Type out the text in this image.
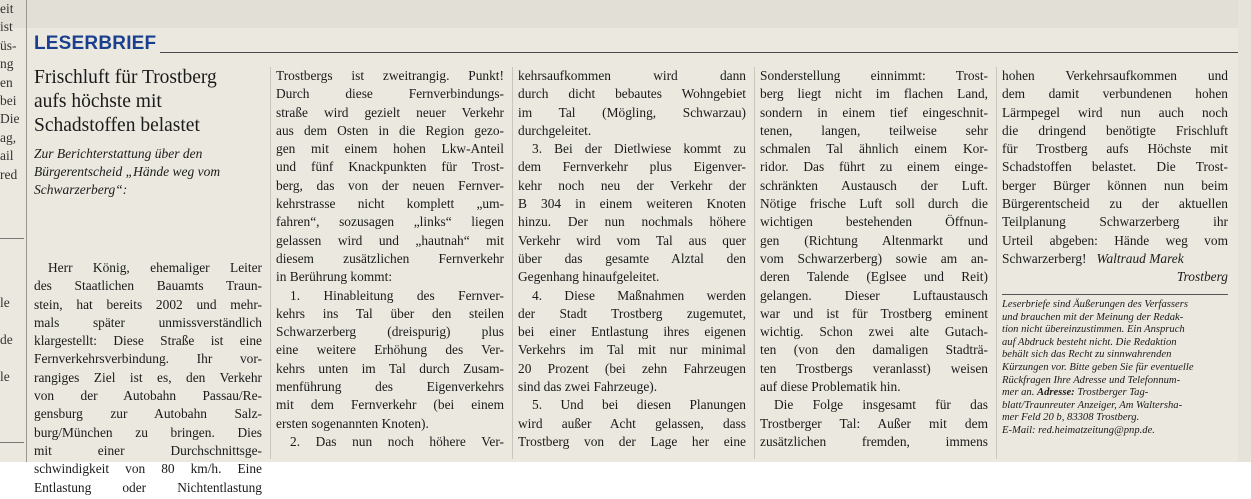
eit
ist
üs-
ng
en
bei
Die
ag,
ail
red
le
de
le
LESERBRIEF
Frischluft für Trostberg
aufs höchste mit
Schadstoffen belastet
Zur Berichterstattung über den
Bürgerentscheid „Hände weg vom
Schwarzerberg“:
Herr König, ehemaliger Leiter
des Staatlichen Bauamts Traun-
stein, hat bereits 2002 und mehr-
mals später unmissverständlich
klargestellt: Diese Straße ist eine
Fernverkehrsverbindung. Ihr vor-
rangiges Ziel ist es, den Verkehr
von der Autobahn Passau/Re-
gensburg zur Autobahn Salz-
burg/München zu bringen. Dies
mit einer Durchschnittsge-
schwindigkeit von 80 km/h. Eine
Entlastung oder Nichtentlastung
Trostbergs ist zweitrangig. Punkt!
Durch diese Fernverbindungs-
straße wird gezielt neuer Verkehr
aus dem Osten in die Region gezo-
gen mit einem hohen Lkw-Anteil
und fünf Knackpunkten für Trost-
berg, das von der neuen Fernver-
kehrstrasse nicht komplett „um-
fahren“, sozusagen „links“ liegen
gelassen wird und „hautnah“ mit
diesem zusätzlichen Fernverkehr
in Berührung kommt:
1. Hinableitung des Fernver-
kehrs ins Tal über den steilen
Schwarzerberg (dreispurig) plus
eine weitere Erhöhung des Ver-
kehrs unten im Tal durch Zusam-
menführung des Eigenverkehrs
mit dem Fernverkehr (bei einem
ersten sogenannten Knoten).
2. Das nun noch höhere Ver-
kehrsaufkommen wird dann
durch dicht bebautes Wohngebiet
im Tal (Mögling, Schwarzau)
durchgeleitet.
3. Bei der Dietlwiese kommt zu
dem Fernverkehr plus Eigenver-
kehr noch neu der Verkehr der
B 304 in einem weiteren Knoten
hinzu. Der nun nochmals höhere
Verkehr wird vom Tal aus quer
über das gesamte Alztal den
Gegenhang hinaufgeleitet.
4. Diese Maßnahmen werden
der Stadt Trostberg zugemutet,
bei einer Entlastung ihres eigenen
Verkehrs im Tal mit nur minimal
20 Prozent (bei zehn Fahrzeugen
sind das zwei Fahrzeuge).
5. Und bei diesen Planungen
wird außer Acht gelassen, dass
Trostberg von der Lage her eine
Sonderstellung einnimmt: Trost-
berg liegt nicht im flachen Land,
sondern in einem tief eingeschnit-
tenen, langen, teilweise sehr
schmalen Tal ähnlich einem Kor-
ridor. Das führt zu einem einge-
schränkten Austausch der Luft.
Nötige frische Luft soll durch die
wichtigen bestehenden Öffnun-
gen (Richtung Altenmarkt und
vom Schwarzerberg) sowie am an-
deren Talende (Eglsee und Reit)
gelangen. Dieser Luftaustausch
war und ist für Trostberg eminent
wichtig. Schon zwei alte Gutach-
ten (von den damaligen Stadträ-
ten Trostbergs veranlasst) weisen
auf diese Problematik hin.
Die Folge insgesamt für das
Trostberger Tal: Außer mit dem
zusätzlichen fremden, immens
hohen Verkehrsaufkommen und
dem damit verbundenen hohen
Lärmpegel wird nun auch noch
die dringend benötigte Frischluft
für Trostberg aufs Höchste mit
Schadstoffen belastet. Die Trost-
berger Bürger können nun beim
Bürgerentscheid zu der aktuellen
Teilplanung Schwarzerberg ihr
Urteil abgeben: Hände weg vom
Schwarzerberg! Waltraud Marek
Trostberg
Leserbriefe sind Äußerungen des Verfassers
und brauchen mit der Meinung der Redak-
tion nicht übereinzustimmen. Ein Anspruch
auf Abdruck besteht nicht. Die Redaktion
behält sich das Recht zu sinnwahrenden
Kürzungen vor. Bitte geben Sie für eventuelle
Rückfragen Ihre Adresse und Telefonnum-
mer an. Adresse: Trostberger Tag-
blatt/Traunreuter Anzeiger, Am Waltersha-
mer Feld 20 b, 83308 Trostberg.
E-Mail: red.heimatzeitung@pnp.de.
